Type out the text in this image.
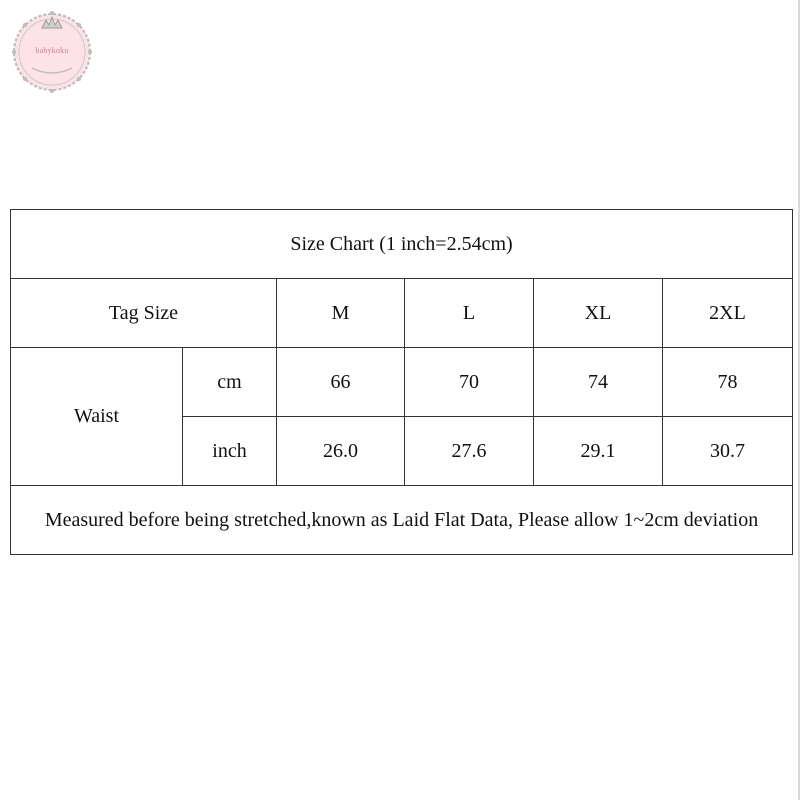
babykoko
Size Chart (1 inch=2.54cm)					
Tag Size		M	L	XL	2XL
Waist	cm	66	70	74	78
	inch	26.0	27.6	29.1	30.7
Measured before being stretched,known as Laid Flat Data, Please allow 1~2cm deviation					
